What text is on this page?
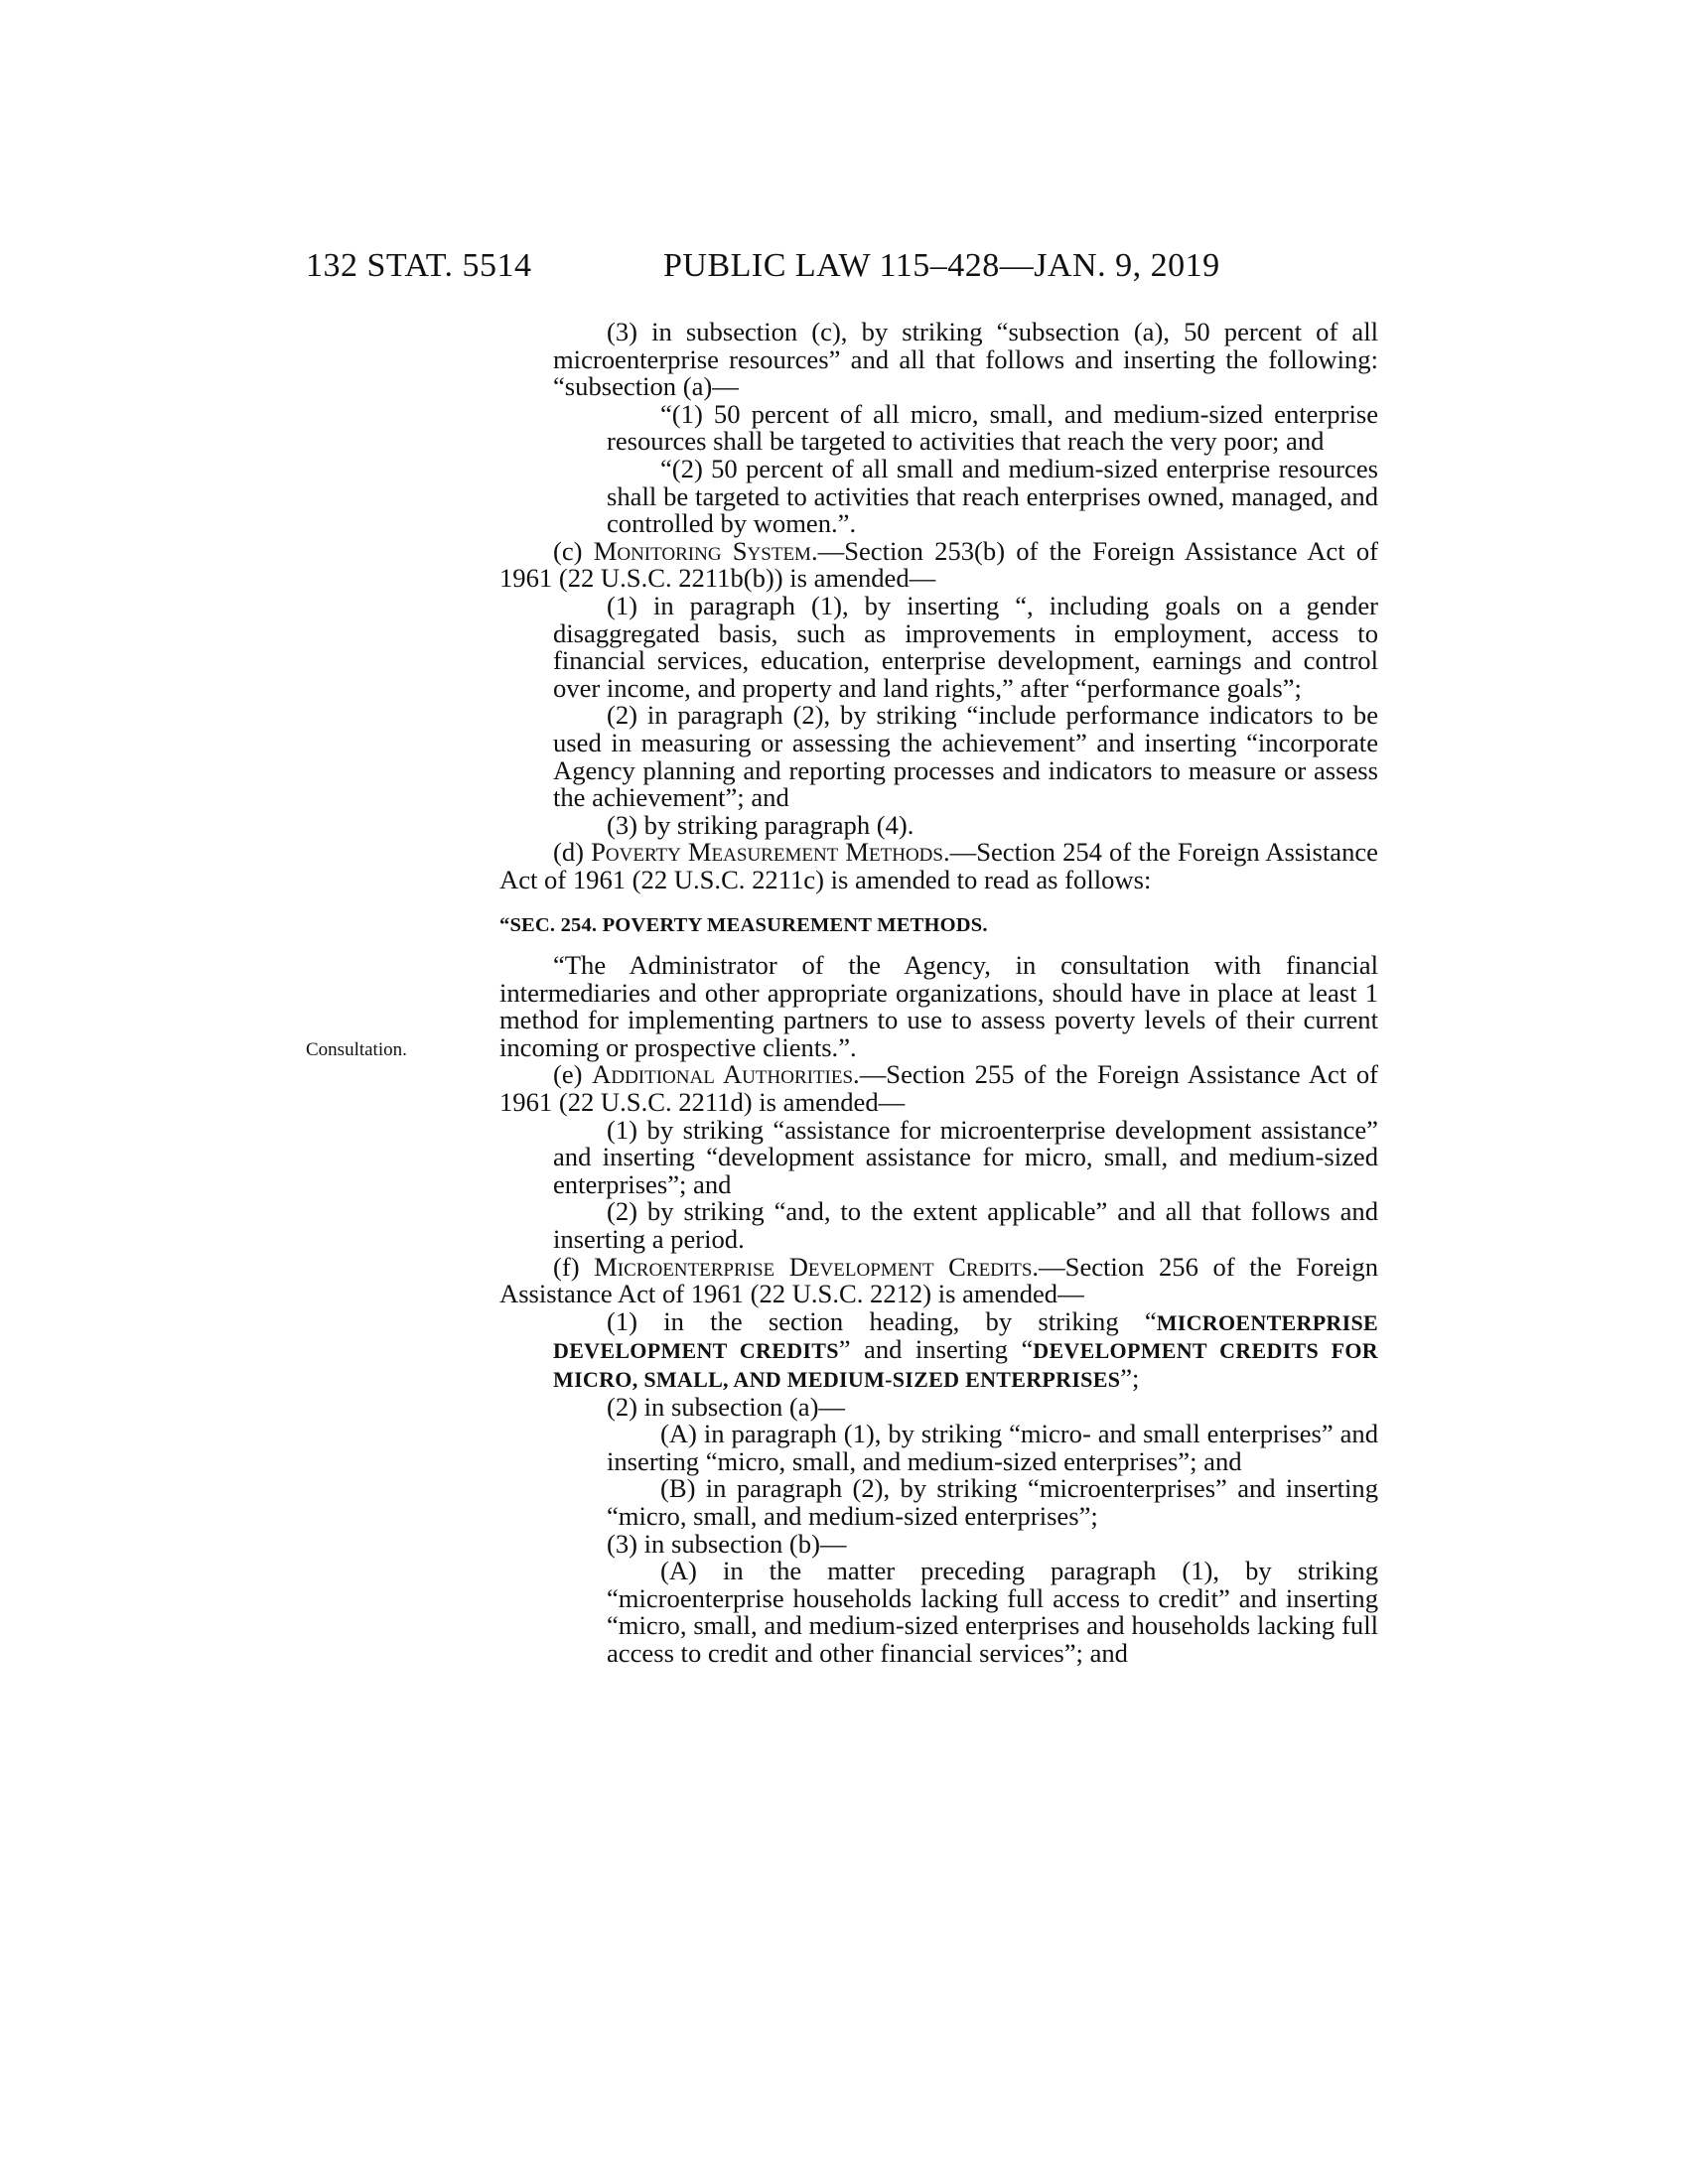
132 STAT. 5514	PUBLIC LAW 115–428—JAN. 9, 2019
Consultation.

(3) in subsection (c), by striking “subsection (a), 50 percent of all microenterprise resources” and all that follows and inserting the following: “subsection (a)—

“(1) 50 percent of all micro, small, and medium-sized enterprise resources shall be targeted to activities that reach the very poor; and

“(2) 50 percent of all small and medium-sized enterprise resources shall be targeted to activities that reach enterprises owned, managed, and controlled by women.”.

(c) Monitoring System.—Section 253(b) of the Foreign Assistance Act of 1961 (22 U.S.C. 2211b(b)) is amended—

(1) in paragraph (1), by inserting “, including goals on a gender disaggregated basis, such as improvements in employment, access to financial services, education, enterprise development, earnings and control over income, and property and land rights,” after “performance goals”;

(2) in paragraph (2), by striking “include performance indicators to be used in measuring or assessing the achievement” and inserting “incorporate Agency planning and reporting processes and indicators to measure or assess the achievement”; and

(3) by striking paragraph (4).

(d) Poverty Measurement Methods.—Section 254 of the Foreign Assistance Act of 1961 (22 U.S.C. 2211c) is amended to read as follows:

“SEC. 254. POVERTY MEASUREMENT METHODS.

“The Administrator of the Agency, in consultation with financial intermediaries and other appropriate organizations, should have in place at least 1 method for implementing partners to use to assess poverty levels of their current incoming or prospective clients.”.

(e) Additional Authorities.—Section 255 of the Foreign Assistance Act of 1961 (22 U.S.C. 2211d) is amended—

(1) by striking “assistance for microenterprise development assistance” and inserting “development assistance for micro, small, and medium-sized enterprises”; and

(2) by striking “and, to the extent applicable” and all that follows and inserting a period.

(f) Microenterprise Development Credits.—Section 256 of the Foreign Assistance Act of 1961 (22 U.S.C. 2212) is amended—

(1) in the section heading, by striking “MICROENTERPRISE DEVELOPMENT CREDITS” and inserting “DEVELOPMENT CREDITS FOR MICRO, SMALL, AND MEDIUM-SIZED ENTERPRISES”;

(2) in subsection (a)—

(A) in paragraph (1), by striking “micro- and small enterprises” and inserting “micro, small, and medium-sized enterprises”; and

(B) in paragraph (2), by striking “microenterprises” and inserting “micro, small, and medium-sized enterprises”;

(3) in subsection (b)—

(A) in the matter preceding paragraph (1), by striking “microenterprise households lacking full access to credit” and inserting “micro, small, and medium-sized enterprises and households lacking full access to credit and other financial services”; and
